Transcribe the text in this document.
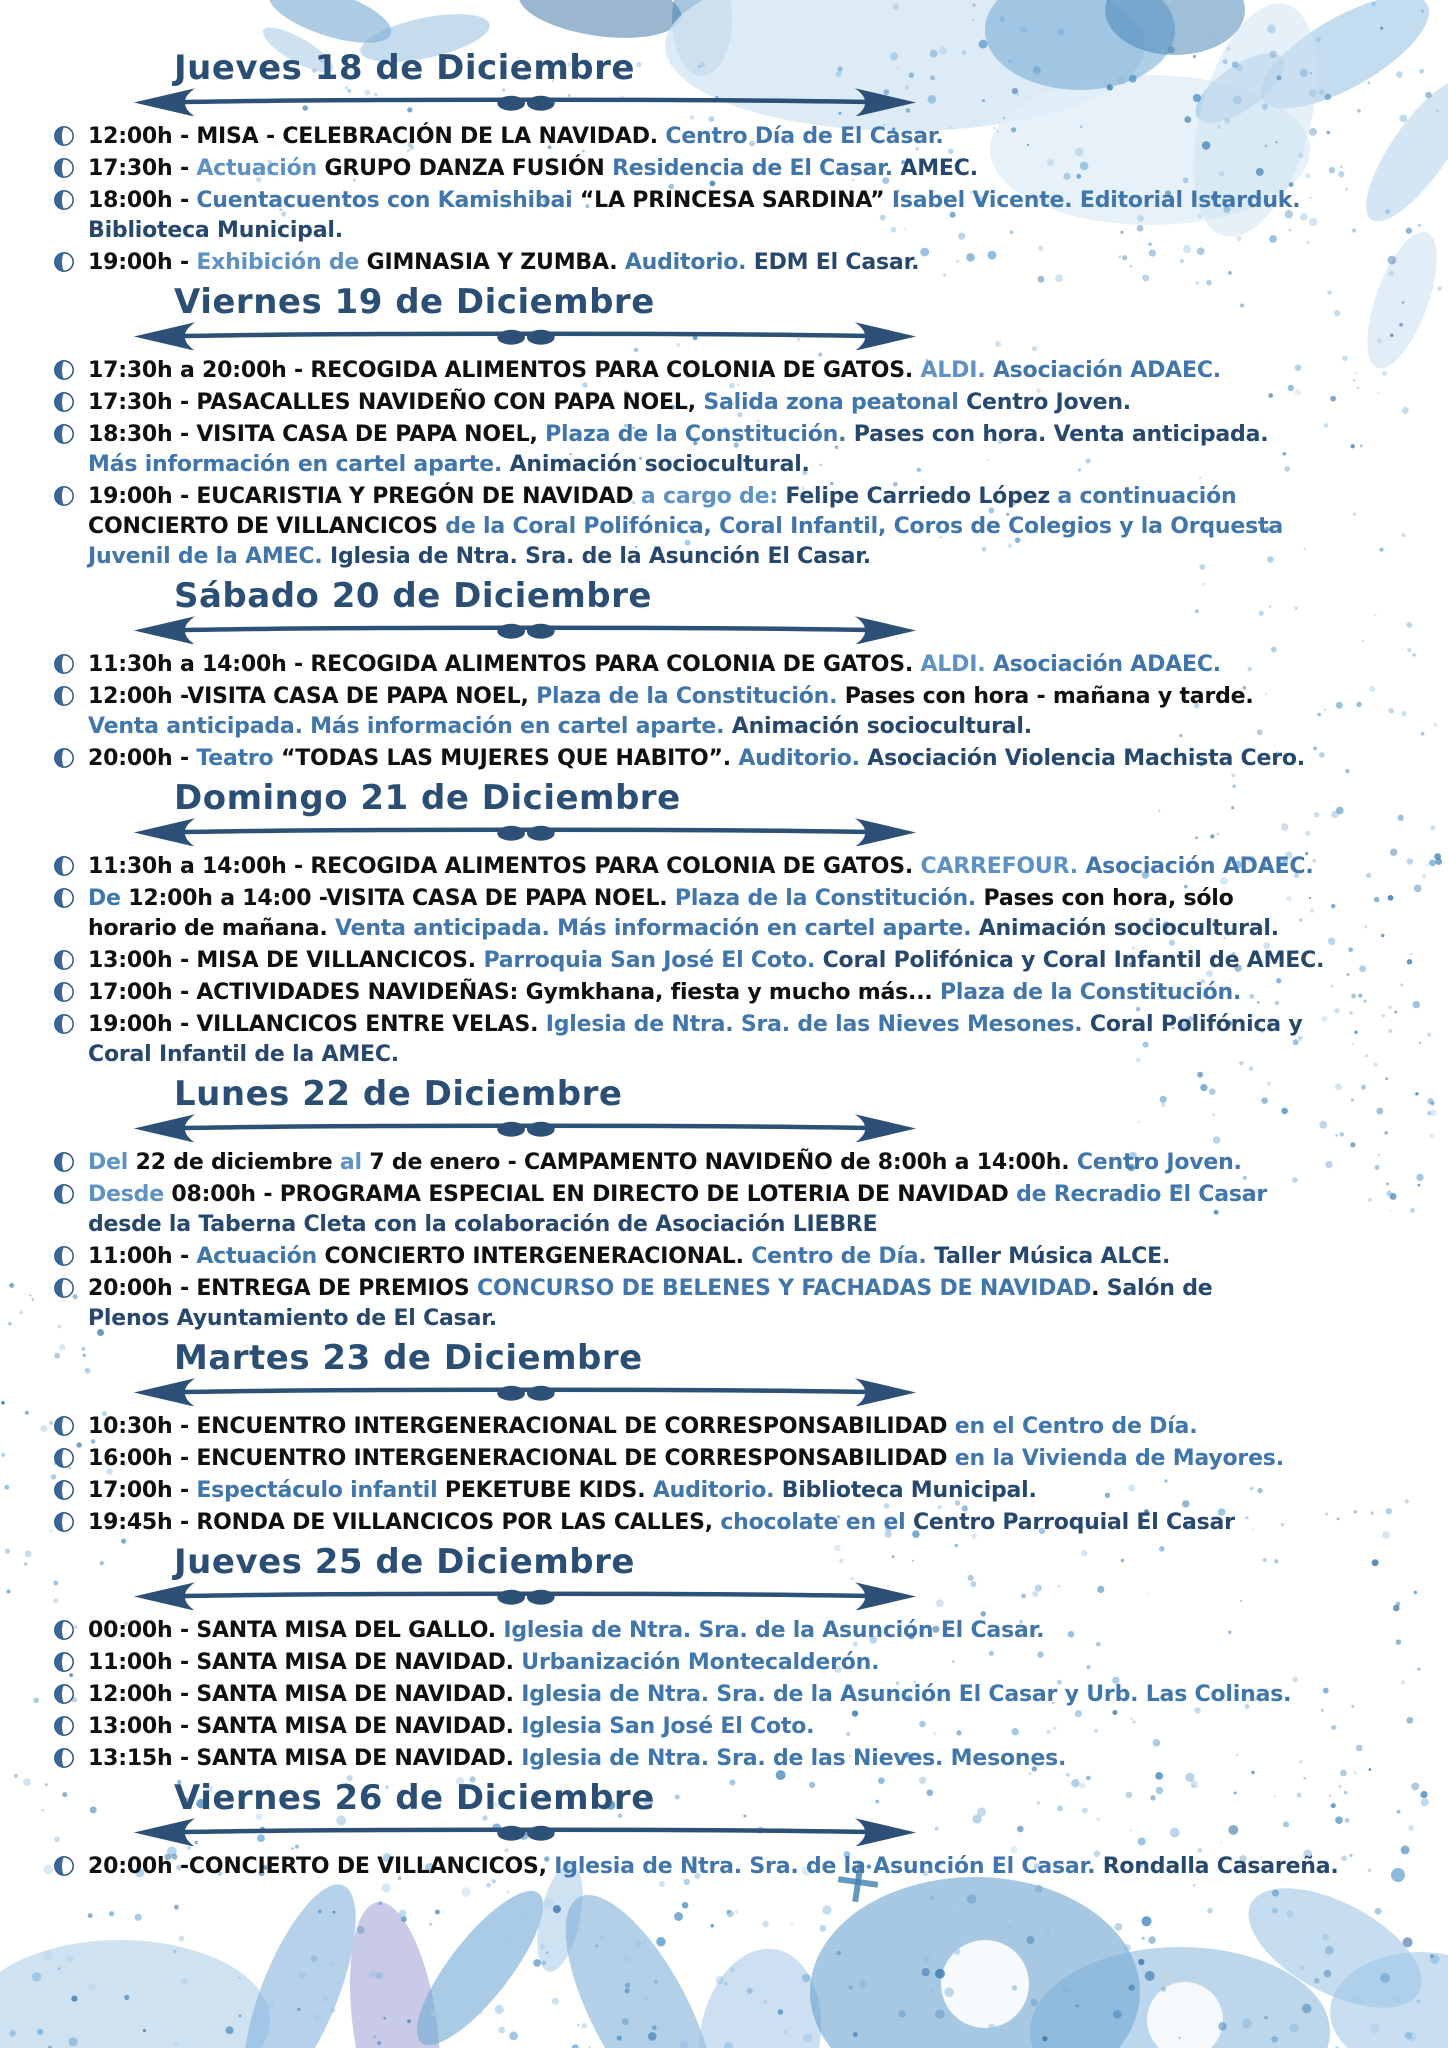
Jueves 18 de Diciembre
12:00h - MISA - CELEBRACIÓN DE LA NAVIDAD. Centro Día de El Casar.
17:30h - Actuación GRUPO DANZA FUSIÓN Residencia de El Casar. AMEC.
18:00h - Cuentacuentos con Kamishibai “LA PRINCESA SARDINA” Isabel Vicente. Editorial Istarduk.
Biblioteca Municipal.
19:00h - Exhibición de GIMNASIA Y ZUMBA. Auditorio. EDM El Casar.
Viernes 19 de Diciembre
17:30h a 20:00h - RECOGIDA ALIMENTOS PARA COLONIA DE GATOS. ALDI. Asociación ADAEC.
17:30h - PASACALLES NAVIDEÑO CON PAPA NOEL, Salida zona peatonal Centro Joven.
18:30h - VISITA CASA DE PAPA NOEL, Plaza de la Constitución. Pases con hora. Venta anticipada.
Más información en cartel aparte. Animación sociocultural.
19:00h - EUCARISTIA Y PREGÓN DE NAVIDAD a cargo de: Felipe Carriedo López a continuación
CONCIERTO DE VILLANCICOS de la Coral Polifónica, Coral Infantil, Coros de Colegios y la Orquesta
Juvenil de la AMEC. Iglesia de Ntra. Sra. de la Asunción El Casar.
Sábado 20 de Diciembre
11:30h a 14:00h - RECOGIDA ALIMENTOS PARA COLONIA DE GATOS. ALDI. Asociación ADAEC.
12:00h -VISITA CASA DE PAPA NOEL, Plaza de la Constitución. Pases con hora - mañana y tarde.
Venta anticipada. Más información en cartel aparte. Animación sociocultural.
20:00h - Teatro “TODAS LAS MUJERES QUE HABITO”. Auditorio. Asociación Violencia Machista Cero.
Domingo 21 de Diciembre
11:30h a 14:00h - RECOGIDA ALIMENTOS PARA COLONIA DE GATOS. CARREFOUR. Asociación ADAEC.
De 12:00h a 14:00 -VISITA CASA DE PAPA NOEL. Plaza de la Constitución. Pases con hora, sólo
horario de mañana. Venta anticipada. Más información en cartel aparte. Animación sociocultural.
13:00h - MISA DE VILLANCICOS. Parroquia San José El Coto. Coral Polifónica y Coral Infantil de AMEC.
17:00h - ACTIVIDADES NAVIDEÑAS: Gymkhana, fiesta y mucho más... Plaza de la Constitución.
19:00h - VILLANCICOS ENTRE VELAS. Iglesia de Ntra. Sra. de las Nieves Mesones. Coral Polifónica y
Coral Infantil de la AMEC.
Lunes 22 de Diciembre
Del 22 de diciembre al 7 de enero - CAMPAMENTO NAVIDEÑO de 8:00h a 14:00h. Centro Joven.
Desde 08:00h - PROGRAMA ESPECIAL EN DIRECTO DE LOTERIA DE NAVIDAD de Recradio El Casar
desde la Taberna Cleta con la colaboración de Asociación LIEBRE
11:00h - Actuación CONCIERTO INTERGENERACIONAL. Centro de Día. Taller Música ALCE.
20:00h - ENTREGA DE PREMIOS CONCURSO DE BELENES Y FACHADAS DE NAVIDAD. Salón de
Plenos Ayuntamiento de El Casar.
Martes 23 de Diciembre
10:30h - ENCUENTRO INTERGENERACIONAL DE CORRESPONSABILIDAD en el Centro de Día.
16:00h - ENCUENTRO INTERGENERACIONAL DE CORRESPONSABILIDAD en la Vivienda de Mayores.
17:00h - Espectáculo infantil PEKETUBE KIDS. Auditorio. Biblioteca Municipal.
19:45h - RONDA DE VILLANCICOS POR LAS CALLES, chocolate en el Centro Parroquial El Casar
Jueves 25 de Diciembre
00:00h - SANTA MISA DEL GALLO. Iglesia de Ntra. Sra. de la Asunción El Casar.
11:00h - SANTA MISA DE NAVIDAD. Urbanización Montecalderón.
12:00h - SANTA MISA DE NAVIDAD. Iglesia de Ntra. Sra. de la Asunción El Casar y Urb. Las Colinas.
13:00h - SANTA MISA DE NAVIDAD. Iglesia San José El Coto.
13:15h - SANTA MISA DE NAVIDAD. Iglesia de Ntra. Sra. de las Nieves. Mesones.
Viernes 26 de Diciembre
20:00h -CONCIERTO DE VILLANCICOS, Iglesia de Ntra. Sra. de la Asunción El Casar. Rondalla Casareña.
